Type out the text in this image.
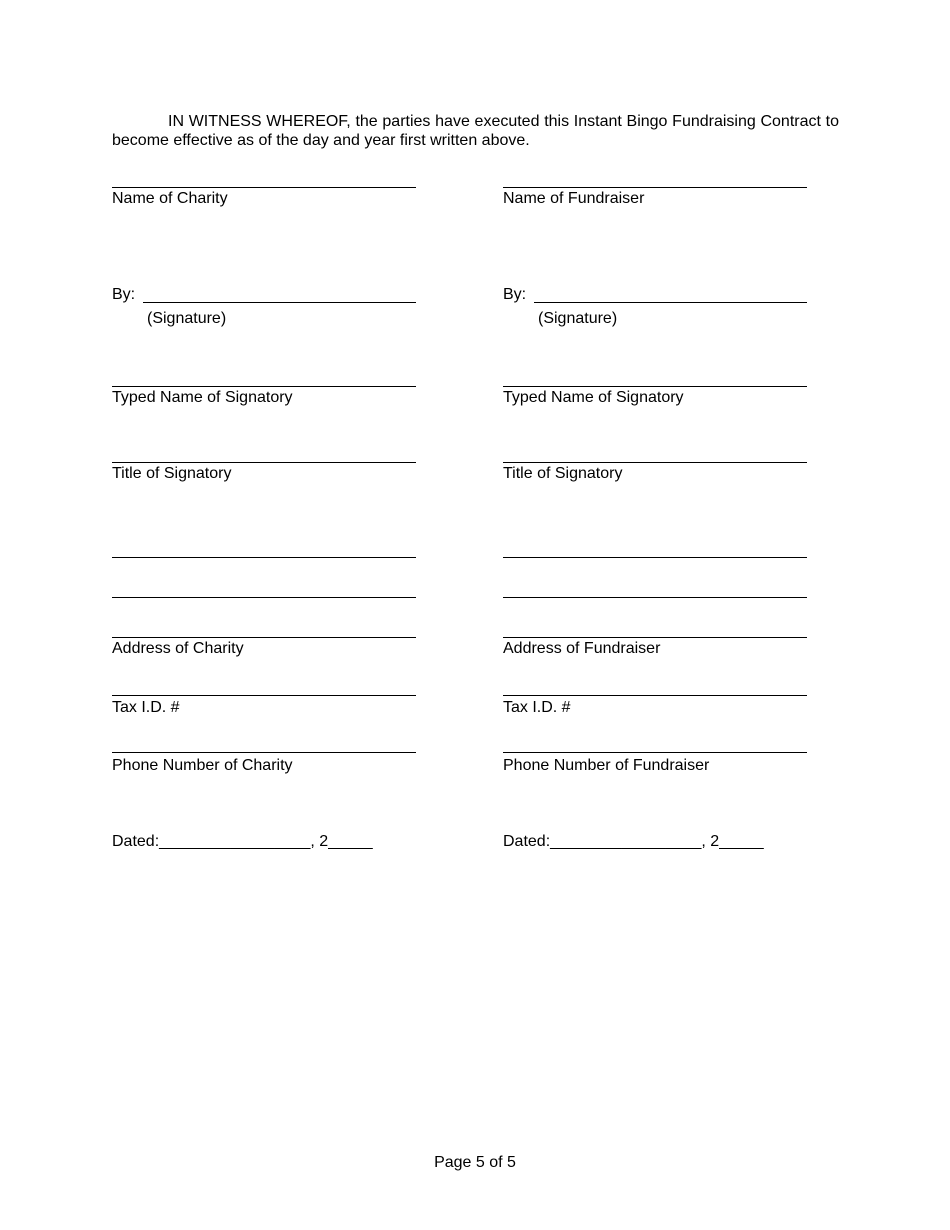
IN WITNESS WHEREOF, the parties have executed this Instant Bingo Fundraising Contract to become effective as of the day and year first written above.
Name of Charity
By:
(Signature)
Typed Name of Signatory
Title of Signatory
Address of Charity
Tax I.D. #
Phone Number of Charity
Dated:_________________, 2_____
Name of Fundraiser
By:
(Signature)
Typed Name of Signatory
Title of Signatory
Address of Fundraiser
Tax I.D. #
Phone Number of Fundraiser
Dated:_________________, 2_____
Page 5 of 5
